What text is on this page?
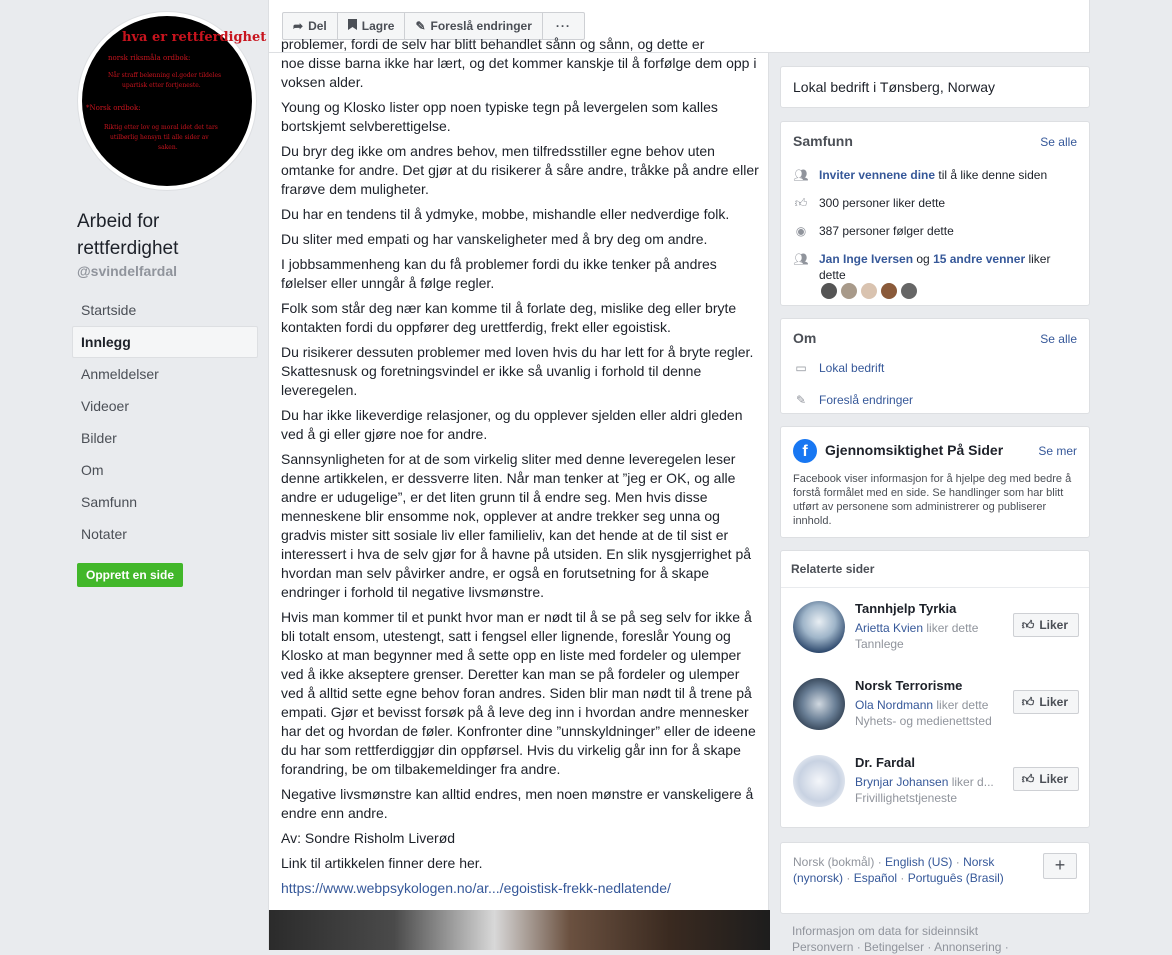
hva er rettferdighet
norsk riksmåla ordbok:
Når straff belønning el.goder tildeles
upartisk etter fortjeneste.
*Norsk ordbok:
Riktig etter lov og moral idet det tars
utilbørlig hensyn til alle sider av
saken.
Arbeid for rettferdighet
@svindelfardal
Startside
Innlegg
Anmeldelser
Videoer
Bilder
Om
Samfunn
Notater
Opprett en side
➦ Del	Lagre ✎ Foreslå endringer	···

problemer, fordi de selv har blitt behandlet sånn og sånn, og dette er

noe disse barna ikke har lært, og det kommer kanskje til å forfølge dem opp i voksen alder.

Young og Klosko lister opp noen typiske tegn på levergelen som kalles bortskjemt selvberettigelse.

Du bryr deg ikke om andres behov, men tilfredsstiller egne behov uten omtanke for andre. Det gjør at du risikerer å såre andre, tråkke på andre eller frarøve dem muligheter.

Du har en tendens til å ydmyke, mobbe, mishandle eller nedverdige folk.

Du sliter med empati og har vanskeligheter med å bry deg om andre.

I jobbsammenheng kan du få problemer fordi du ikke tenker på andres følelser eller unngår å følge regler.

Folk som står deg nær kan komme til å forlate deg, mislike deg eller bryte kontakten fordi du oppfører deg urettferdig, frekt eller egoistisk.

Du risikerer dessuten problemer med loven hvis du har lett for å bryte regler. Skattesnusk og foretningsvindel er ikke så uvanlig i forhold til denne leveregelen.

Du har ikke likeverdige relasjoner, og du opplever sjelden eller aldri gleden ved å gi eller gjøre noe for andre.

Sannsynligheten for at de som virkelig sliter med denne leveregelen leser denne artikkelen, er dessverre liten. Når man tenker at ”jeg er OK, og alle andre er udugelige”, er det liten grunn til å endre seg. Men hvis disse menneskene blir ensomme nok, opplever at andre trekker seg unna og gradvis mister sitt sosiale liv eller familieliv, kan det hende at de til sist er interessert i hva de selv gjør for å havne på utsiden. En slik nysgjerrighet på hvordan man selv påvirker andre, er også en forutsetning for å skape endringer i forhold til negative livsmønstre.

Hvis man kommer til et punkt hvor man er nødt til å se på seg selv for ikke å bli totalt ensom, utestengt, satt i fengsel eller lignende, foreslår Young og Klosko at man begynner med å sette opp en liste med fordeler og ulemper ved å ikke akseptere grenser. Deretter kan man se på fordeler og ulemper ved å alltid sette egne behov foran andres. Siden blir man nødt til å trene på empati. Gjør et bevisst forsøk på å leve deg inn i hvordan andre mennesker har det og hvordan de føler. Konfronter dine ”unnskyldninger” eller de ideene du har som rettferdiggjør din oppførsel. Hvis du virkelig går inn for å skape forandring, be om tilbakemeldinger fra andre.

Negative livsmønstre kan alltid endres, men noen mønstre er vanskeligere å endre enn andre.

Av: Sondre Risholm Liverød

Link til artikkelen finner dere her.

https://www.webpsykologen.no/ar.../egoistisk-frekk-nedlatende/

Lokal bedrift i Tønsberg, Norway
Samfunn	Se alle
👥︎ Inviter vennene dine til å like denne siden
👍︎ 300 personer liker dette
◉ 387 personer følger dette
👥︎ Jan Inge Iversen og 15 andre venner liker dette
Om	Se alle
▭ Lokal bedrift
✎ Foreslå endringer
f	Gjennomsiktighet På Sider	Se mer
Facebook viser informasjon for å hjelpe deg med bedre å forstå formålet med en side. Se handlinger som har blitt utført av personene som administrerer og publiserer innhold.
Relaterte sider
Tannhjelp Tyrkia
Arietta Kvien liker dette
Tannlege
👍︎ Liker
Norsk Terrorisme
Ola Nordmann liker dette
Nyhets- og medienettsted
👍︎ Liker
Dr. Fardal
Brynjar Johansen liker d...
Frivillighetstjeneste
👍︎ Liker
Norsk (bokmål) · English (US) · Norsk (nynorsk) · Español · Português (Brasil)
+
Informasjon om data for sideinnsikt
Personvern · Betingelser · Annonsering ·
